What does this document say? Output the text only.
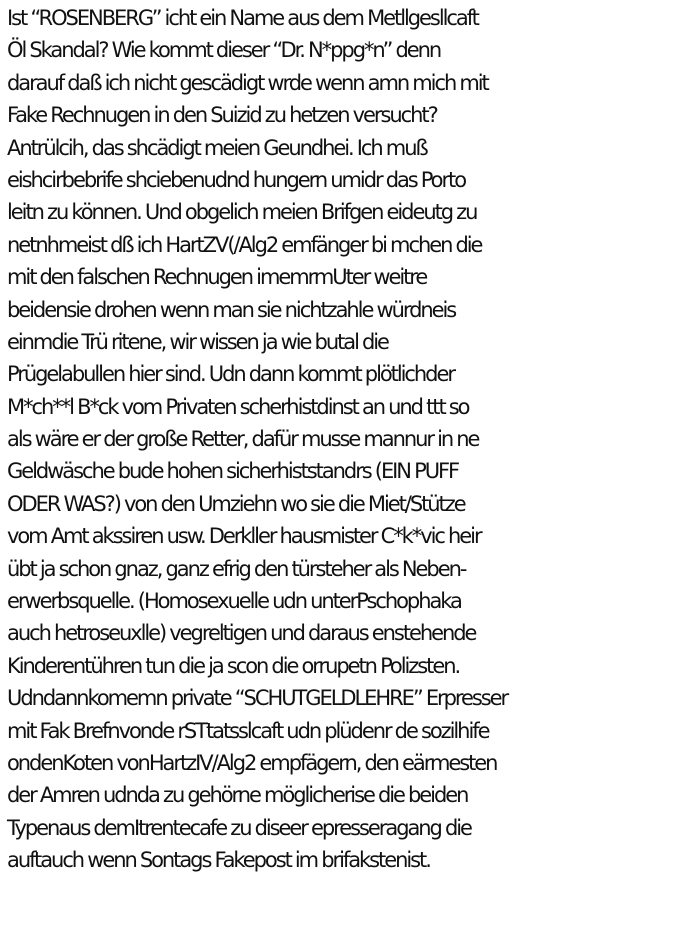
Ist “ROSENBERG” icht ein Name aus dem Metllgesllcaft
Öl Skandal? Wie kommt dieser “Dr. N*ppg*n” denn
darauf daß ich nicht gescädigt wrde wenn amn mich mit
Fake Rechnugen in den Suizid zu hetzen versucht?
Antrülcih, das shcädigt meien Geundhei. Ich muß
eishcirbebrife shciebenudnd hungern umidr das Porto
leitn zu können. Und obgelich meien Brifgen eideutg zu
netnhmeist dß ich HartZV(/Alg2 emfänger bi mchen die
mit den falschen Rechnugen imemrmUter weitre
beidensie drohen wenn man sie nichtzahle würdneis
einmdie Trü ritene, wir wissen ja wie butal die
Prügelabullen hier sind. Udn dann kommt plötlichder
M*ch**l B*ck vom Privaten scherhistdinst an und ttt so
als wäre er der große Retter, dafür musse mannur in ne
Geldwäsche bude hohen sicherhiststandrs (EIN PUFF
ODER WAS?) von den Umziehn wo sie die Miet/Stütze
vom Amt akssiren usw. Derkller hausmister C*k*vic heir
übt ja schon gnaz, ganz efrig den türsteher als Neben-
erwerbsquelle. (Homosexuelle udn unterPschophaka
auch hetroseuxlle) vegreltigen und daraus enstehende
Kinderentühren tun die ja scon die orrupetn Polizsten.
Udndannkomemn private “SCHUTGELDLEHRE” Erpresser
mit Fak Brefnvonde rSTtatsslcaft udn plüdenr de sozilhife
ondenKoten vonHartzIV/Alg2 empfägern, den eärmesten
der Amren udnda zu gehörne möglicherise die beiden
Typenaus demItrentecafe zu diseer epresseragang die
auftauch wenn Sontags Fakepost im brifakstenist.
